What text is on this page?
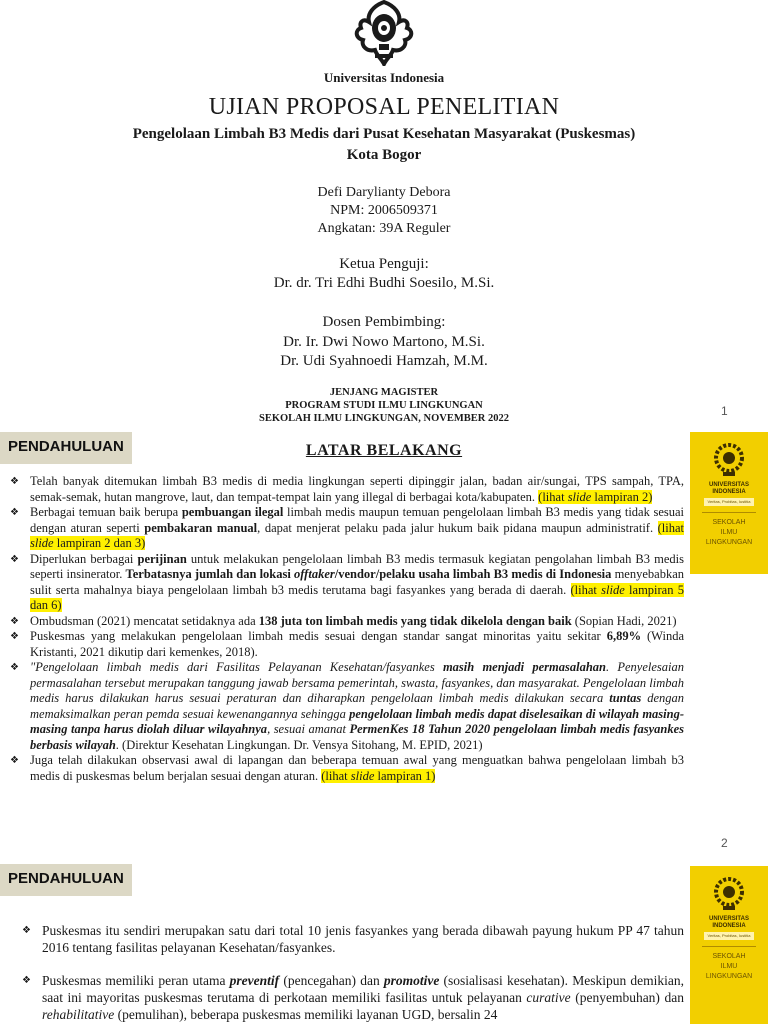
Universitas Indonesia
UJIAN PROPOSAL PENELITIAN
Pengelolaan Limbah B3 Medis dari Pusat Kesehatan Masyarakat (Puskesmas)
Kota Bogor
Defi Darylianty Debora
NPM: 2006509371
Angkatan: 39A Reguler
Ketua Penguji:
Dr. dr. Tri Edhi Budhi Soesilo, M.Si.
Dosen Pembimbing:
Dr. Ir. Dwi Nowo Martono, M.Si.
Dr. Udi Syahnoedi Hamzah, M.M.
JENJANG MAGISTER
PROGRAM STUDI ILMU LINGKUNGAN
SEKOLAH ILMU LINGKUNGAN, NOVEMBER 2022
1
PENDAHULUAN
UNIVERSITAS
INDONESIA
Veritas, Probitas, Iustitia
SEKOLAH
ILMU
LINGKUNGAN
LATAR BELAKANG
❖ Telah banyak ditemukan limbah B3 medis di media lingkungan seperti dipinggir jalan, badan air/sungai, TPS sampah, TPA, semak-semak, hutan mangrove, laut, dan tempat-tempat lain yang illegal di berbagai kota/kabupaten. (lihat slide lampiran 2)
❖ Berbagai temuan baik berupa pembuangan ilegal limbah medis maupun temuan pengelolaan limbah B3 medis yang tidak sesuai dengan aturan seperti pembakaran manual, dapat menjerat pelaku pada jalur hukum baik pidana maupun administratif. (lihat slide lampiran 2 dan 3)
❖ Diperlukan berbagai perijinan untuk melakukan pengelolaan limbah B3 medis termasuk kegiatan pengolahan limbah B3 medis seperti insinerator. Terbatasnya jumlah dan lokasi offtaker/vendor/pelaku usaha limbah B3 medis di Indonesia menyebabkan sulit serta mahalnya biaya pengelolaan limbah b3 medis terutama bagi fasyankes yang berada di daerah. (lihat slide lampiran 5 dan 6)
❖ Ombudsman (2021) mencatat setidaknya ada 138 juta ton limbah medis yang tidak dikelola dengan baik (Sopian Hadi, 2021)
❖ Puskesmas yang melakukan pengelolaan limbah medis sesuai dengan standar sangat minoritas yaitu sekitar 6,89% (Winda Kristanti, 2021 dikutip dari kemenkes, 2018).
❖ "Pengelolaan limbah medis dari Fasilitas Pelayanan Kesehatan/fasyankes masih menjadi permasalahan. Penyelesaian permasalahan tersebut merupakan tanggung jawab bersama pemerintah, swasta, fasyankes, dan masyarakat. Pengelolaan limbah medis harus dilakukan harus sesuai peraturan dan diharapkan pengelolaan limbah medis dilakukan secara tuntas dengan memaksimalkan peran pemda sesuai kewenangannya sehingga pengelolaan limbah medis dapat diselesaikan di wilayah masing-masing tanpa harus diolah diluar wilayahnya, sesuai amanat PermenKes 18 Tahun 2020 pengelolaan limbah medis fasyankes berbasis wilayah. (Direktur Kesehatan Lingkungan. Dr. Vensya Sitohang, M. EPID, 2021)
❖ Juga telah dilakukan observasi awal di lapangan dan beberapa temuan awal yang menguatkan bahwa pengelolaan limbah b3 medis di puskesmas belum berjalan sesuai dengan aturan. (lihat slide lampiran 1)
2
PENDAHULUAN
UNIVERSITAS
INDONESIA
Veritas, Probitas, Iustitia
SEKOLAH
ILMU
LINGKUNGAN
❖ Puskesmas itu sendiri merupakan satu dari total 10 jenis fasyankes yang berada dibawah payung hukum PP 47 tahun 2016 tentang fasilitas pelayanan Kesehatan/fasyankes.
❖ Puskesmas memiliki peran utama preventif (pencegahan) dan promotive (sosialisasi kesehatan). Meskipun demikian, saat ini mayoritas puskesmas terutama di perkotaan memiliki fasilitas untuk pelayanan curative (penyembuhan) dan rehabilitative (pemulihan), beberapa puskesmas memiliki layanan UGD, bersalin 24
